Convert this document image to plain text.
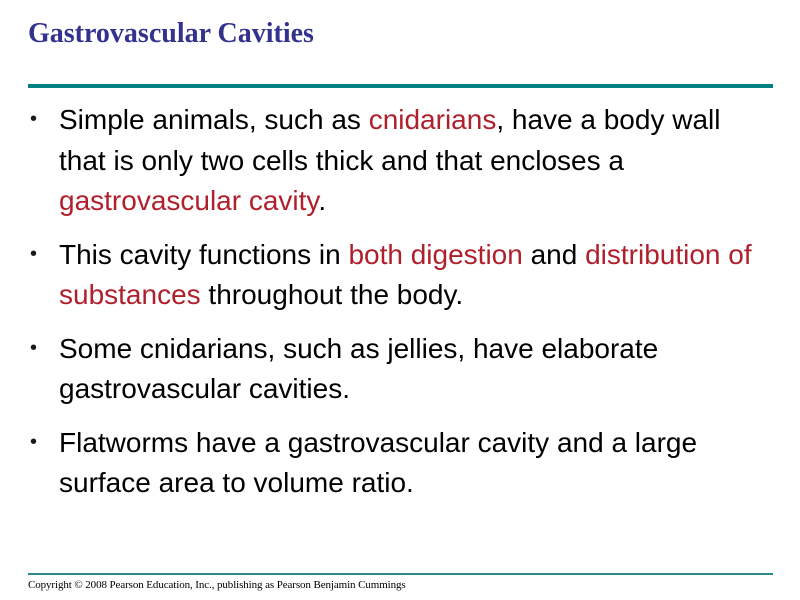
Gastrovascular Cavities
• Simple animals, such as cnidarians, have a body wall that is only two cells thick and that encloses a gastrovascular cavity.
• This cavity functions in both digestion and distribution of substances throughout the body.
• Some cnidarians, such as jellies, have elaborate gastrovascular cavities.
• Flatworms have a gastrovascular cavity and a large surface area to volume ratio.
Copyright © 2008 Pearson Education, Inc., publishing as Pearson Benjamin Cummings
